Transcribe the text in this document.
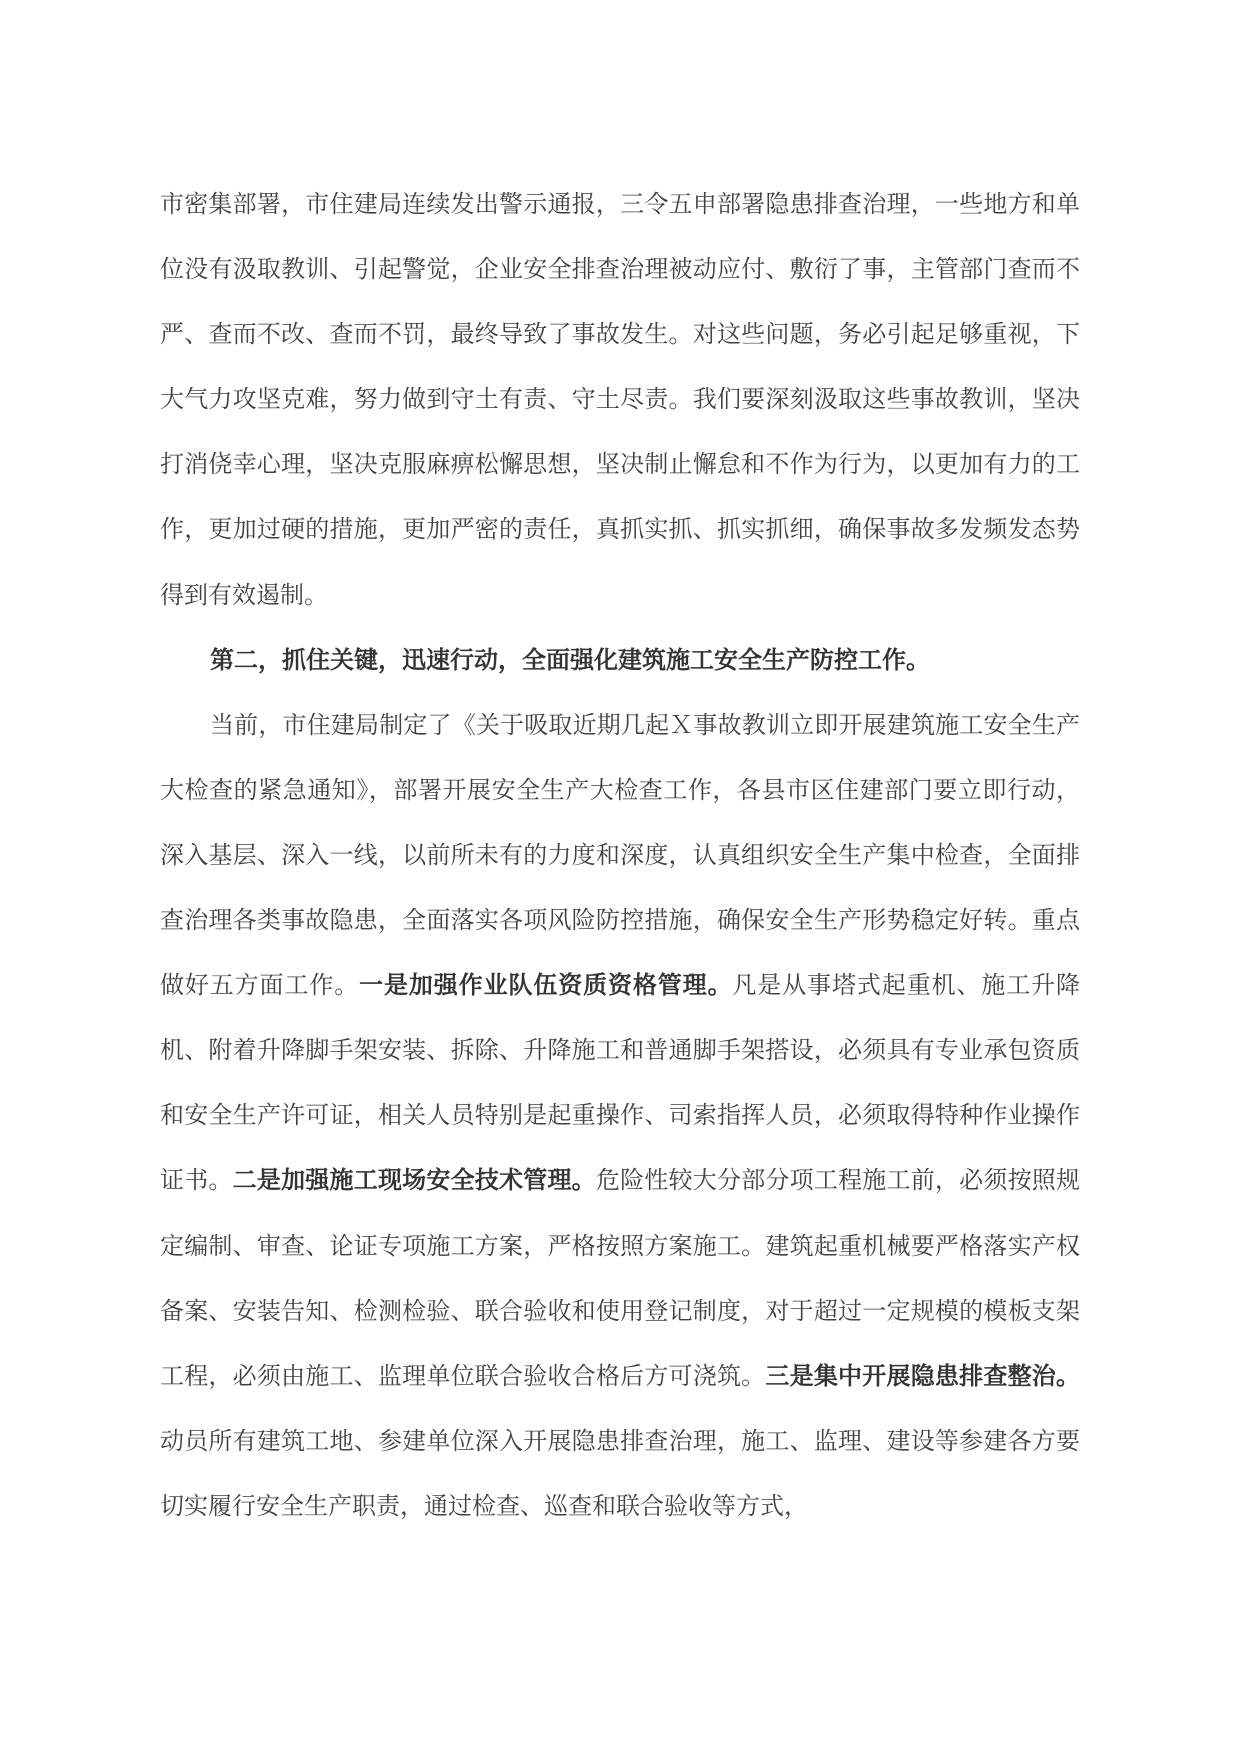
市密集部署，市住建局连续发出警示通报，三令五申部署隐患排查治理，一些地方和单位没有汲取教训、引起警觉，企业安全排查治理被动应付、敷衍了事，主管部门查而不严、查而不改、查而不罚，最终导致了事故发生。对这些问题，务必引起足够重视，下大气力攻坚克难，努力做到守土有责、守土尽责。我们要深刻汲取这些事故教训，坚决打消侥幸心理，坚决克服麻痹松懈思想，坚决制止懈怠和不作为行为，以更加有力的工作，更加过硬的措施，更加严密的责任，真抓实抓、抓实抓细，确保事故多发频发态势得到有效遏制。

第二，抓住关键，迅速行动，全面强化建筑施工安全生产防控工作。

当前，市住建局制定了《关于吸取近期几起Ｘ事故教训立即开展建筑施工安全生产大检查的紧急通知》，部署开展安全生产大检查工作，各县市区住建部门要立即行动，深入基层、深入一线，以前所未有的力度和深度，认真组织安全生产集中检查，全面排查治理各类事故隐患，全面落实各项风险防控措施，确保安全生产形势稳定好转。重点做好五方面工作。一是加强作业队伍资质资格管理。凡是从事塔式起重机、施工升降机、附着升降脚手架安装、拆除、升降施工和普通脚手架搭设，必须具有专业承包资质和安全生产许可证，相关人员特别是起重操作、司索指挥人员，必须取得特种作业操作证书。二是加强施工现场安全技术管理。危险性较大分部分项工程施工前，必须按照规定编制、审查、论证专项施工方案，严格按照方案施工。建筑起重机械要严格落实产权备案、安装告知、检测检验、联合验收和使用登记制度，对于超过一定规模的模板支架工程，必须由施工、监理单位联合验收合格后方可浇筑。三是集中开展隐患排查整治。动员所有建筑工地、参建单位深入开展隐患排查治理，施工、监理、建设等参建各方要切实履行安全生产职责，通过检查、巡查和联合验收等方式，
